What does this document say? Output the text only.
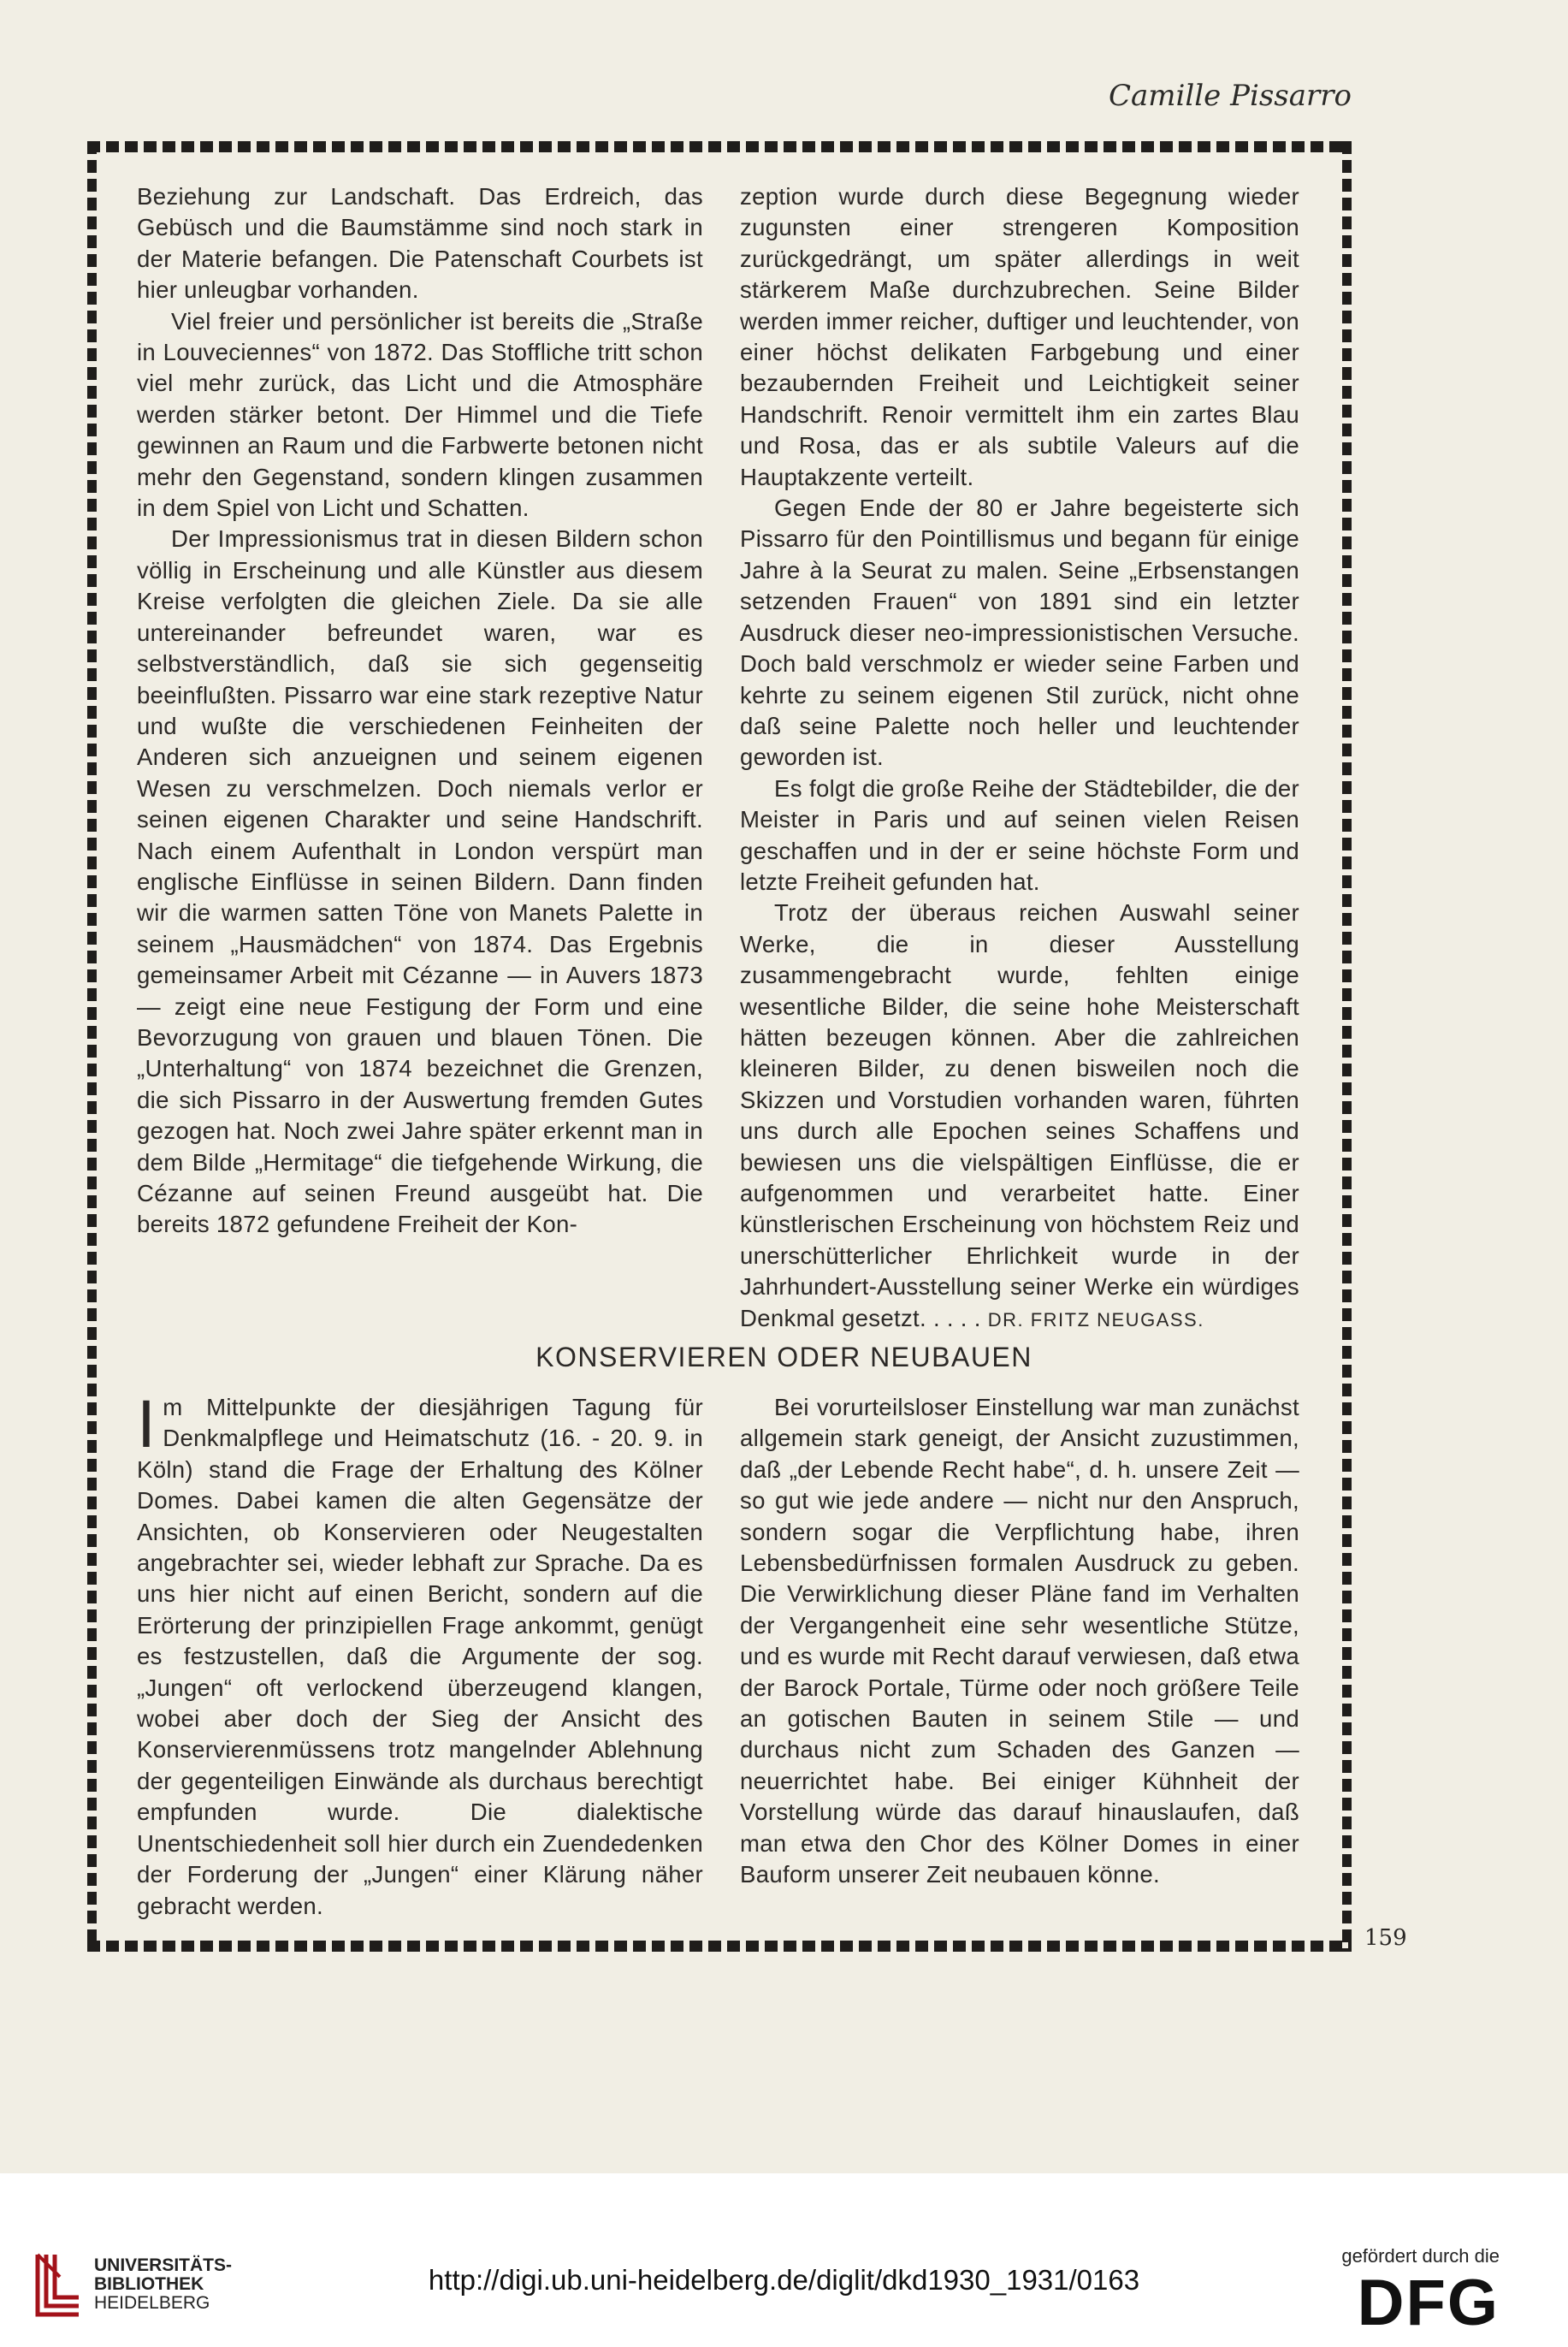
Camille Pissarro

Beziehung zur Landschaft. Das Erdreich, das Gebüsch und die Baumstämme sind noch stark in der Materie befangen. Die Patenschaft Courbets ist hier unleugbar vorhanden.

Viel freier und persönlicher ist bereits die „Straße in Louveciennes“ von 1872. Das Stoffliche tritt schon viel mehr zurück, das Licht und die Atmosphäre werden stärker betont. Der Himmel und die Tiefe gewinnen an Raum und die Farbwerte betonen nicht mehr den Gegenstand, sondern klingen zusammen in dem Spiel von Licht und Schatten.

Der Impressionismus trat in diesen Bildern schon völlig in Erscheinung und alle Künstler aus diesem Kreise verfolgten die gleichen Ziele. Da sie alle untereinander befreundet waren, war es selbstverständlich, daß sie sich gegenseitig beeinflußten. Pissarro war eine stark rezeptive Natur und wußte die verschiedenen Feinheiten der Anderen sich anzueignen und seinem eigenen Wesen zu verschmelzen. Doch niemals verlor er seinen eigenen Charakter und seine Handschrift. Nach einem Aufenthalt in London verspürt man englische Einflüsse in seinen Bildern. Dann finden wir die warmen satten Töne von Manets Palette in seinem „Hausmädchen“ von 1874. Das Ergebnis gemeinsamer Arbeit mit Cézanne — in Auvers 1873 — zeigt eine neue Festigung der Form und eine Bevorzugung von grauen und blauen Tönen. Die „Unterhaltung“ von 1874 bezeichnet die Grenzen, die sich Pissarro in der Auswertung fremden Gutes gezogen hat. Noch zwei Jahre später erkennt man in dem Bilde „Hermitage“ die tiefgehende Wirkung, die Cézanne auf seinen Freund ausgeübt hat. Die bereits 1872 gefundene Freiheit der Kon-

zeption wurde durch diese Begegnung wieder zugunsten einer strengeren Komposition zurückgedrängt, um später allerdings in weit stärkerem Maße durchzubrechen. Seine Bilder werden immer reicher, duftiger und leuchtender, von einer höchst delikaten Farbgebung und einer bezaubernden Freiheit und Leichtigkeit seiner Handschrift. Renoir vermittelt ihm ein zartes Blau und Rosa, das er als subtile Valeurs auf die Hauptakzente verteilt.

Gegen Ende der 80 er Jahre begeisterte sich Pissarro für den Pointillismus und begann für einige Jahre à la Seurat zu malen. Seine „Erbsenstangen setzenden Frauen“ von 1891 sind ein letzter Ausdruck dieser neo-impressionistischen Versuche. Doch bald verschmolz er wieder seine Farben und kehrte zu seinem eigenen Stil zurück, nicht ohne daß seine Palette noch heller und leuchtender geworden ist.

Es folgt die große Reihe der Städtebilder, die der Meister in Paris und auf seinen vielen Reisen geschaffen und in der er seine höchste Form und letzte Freiheit gefunden hat.

Trotz der überaus reichen Auswahl seiner Werke, die in dieser Ausstellung zusammengebracht wurde, fehlten einige wesentliche Bilder, die seine hohe Meisterschaft hätten bezeugen können. Aber die zahlreichen kleineren Bilder, zu denen bisweilen noch die Skizzen und Vorstudien vorhanden waren, führten uns durch alle Epochen seines Schaffens und bewiesen uns die vielspältigen Einflüsse, die er aufgenommen und verarbeitet hatte. Einer künstlerischen Erscheinung von höchstem Reiz und unerschütterlicher Ehrlichkeit wurde in der Jahrhundert-Ausstellung seiner Werke ein würdiges Denkmal gesetzt. . . . . DR. FRITZ NEUGASS.

KONSERVIEREN ODER NEUBAUEN

Im Mittelpunkte der diesjährigen Tagung für Denkmalpflege und Heimatschutz (16. - 20. 9. in Köln) stand die Frage der Erhaltung des Kölner Domes. Dabei kamen die alten Gegensätze der Ansichten, ob Konservieren oder Neugestalten angebrachter sei, wieder lebhaft zur Sprache. Da es uns hier nicht auf einen Bericht, sondern auf die Erörterung der prinzipiellen Frage ankommt, genügt es festzustellen, daß die Argumente der sog. „Jungen“ oft verlockend überzeugend klangen, wobei aber doch der Sieg der Ansicht des Konservierenmüssens trotz mangelnder Ablehnung der gegenteiligen Einwände als durchaus berechtigt empfunden wurde. Die dialektische Unentschiedenheit soll hier durch ein Zuendedenken der Forderung der „Jungen“ einer Klärung näher gebracht werden.

Bei vorurteilsloser Einstellung war man zunächst allgemein stark geneigt, der Ansicht zuzustimmen, daß „der Lebende Recht habe“, d. h. unsere Zeit — so gut wie jede andere — nicht nur den Anspruch, sondern sogar die Verpflichtung habe, ihren Lebensbedürfnissen formalen Ausdruck zu geben. Die Verwirklichung dieser Pläne fand im Verhalten der Vergangenheit eine sehr wesentliche Stütze, und es wurde mit Recht darauf verwiesen, daß etwa der Barock Portale, Türme oder noch größere Teile an gotischen Bauten in seinem Stile — und durchaus nicht zum Schaden des Ganzen — neuerrichtet habe. Bei einiger Kühnheit der Vorstellung würde das darauf hinauslaufen, daß man etwa den Chor des Kölner Domes in einer Bauform unserer Zeit neubauen könne.

159
UNIVERSITÄTS-
BIBLIOTHEK
HEIDELBERG
http://digi.ub.uni-heidelberg.de/diglit/dkd1930_1931/0163
gefördert durch die
DFG
